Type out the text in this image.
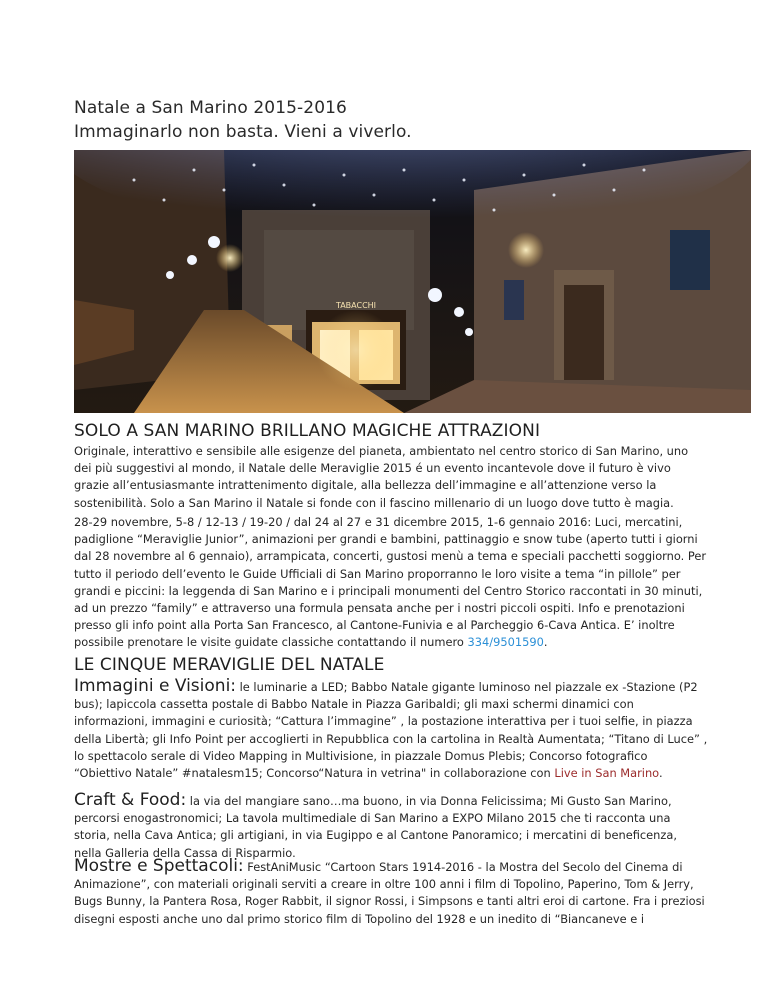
Natale a San Marino 2015-2016
Immaginarlo non basta. Vieni a viverlo.
TABACCHI
SOLO A SAN MARINO BRILLANO MAGICHE ATTRAZIONI
Originale, interattivo e sensibile alle esigenze del pianeta, ambientato nel centro storico di San Marino, uno dei più suggestivi al mondo, il Natale delle Meraviglie 2015 é un evento incantevole dove il futuro è vivo grazie all’entusiasmante intrattenimento digitale, alla bellezza dell’immagine e all’attenzione verso la sostenibilità. Solo a San Marino il Natale si fonde con il fascino millenario di un luogo dove tutto è magia.
28-29 novembre, 5-8 / 12-13 / 19-20 / dal 24 al 27 e 31 dicembre 2015, 1-6 gennaio 2016: Luci, mercatini, padiglione “Meraviglie Junior”, animazioni per grandi e bambini, pattinaggio e snow tube (aperto tutti i giorni dal 28 novembre al 6 gennaio), arrampicata, concerti, gustosi menù a tema e speciali pacchetti soggiorno. Per tutto il periodo dell’evento le Guide Ufficiali di San Marino proporranno le loro visite a tema “in pillole” per grandi e piccini: la leggenda di San Marino e i principali monumenti del Centro Storico raccontati in 30 minuti, ad un prezzo “family” e attraverso una formula pensata anche per i nostri piccoli ospiti. Info e prenotazioni presso gli info point alla Porta San Francesco, al Cantone-Funivia e al Parcheggio 6-Cava Antica. E’ inoltre possibile prenotare le visite guidate classiche contattando il numero 334/9501590.
LE CINQUE MERAVIGLIE DEL NATALE
Immagini e Visioni: le luminarie a LED; Babbo Natale gigante luminoso nel piazzale ex -Stazione (P2 bus); lapiccola cassetta postale di Babbo Natale in Piazza Garibaldi; gli maxi schermi dinamici con informazioni, immagini e curiosità; “Cattura l’immagine” , la postazione interattiva per i tuoi selfie, in piazza della Libertà; gli Info Point per accoglierti in Repubblica con la cartolina in Realtà Aumentata; “Titano di Luce” , lo spettacolo serale di Video Mapping in Multivisione, in piazzale Domus Plebis; Concorso fotografico “Obiettivo Natale” #natalesm15; Concorso“Natura in vetrina" in collaborazione con Live in San Marino.
Craft & Food: la via del mangiare sano…ma buono, in via Donna Felicissima; Mi Gusto San Marino, percorsi enogastronomici; La tavola multimediale di San Marino a EXPO Milano 2015 che ti racconta una storia, nella Cava Antica; gli artigiani, in via Eugippo e al Cantone Panoramico; i mercatini di beneficenza, nella Galleria della Cassa di Risparmio.
Mostre e Spettacoli: FestAniMusic “Cartoon Stars 1914-2016 - la Mostra del Secolo del Cinema di Animazione”, con materiali originali serviti a creare in oltre 100 anni i film di Topolino, Paperino, Tom & Jerry, Bugs Bunny, la Pantera Rosa, Roger Rabbit, il signor Rossi, i Simpsons e tanti altri eroi di cartone. Fra i preziosi disegni esposti anche uno dal primo storico film di Topolino del 1928 e un inedito di “Biancaneve e i
